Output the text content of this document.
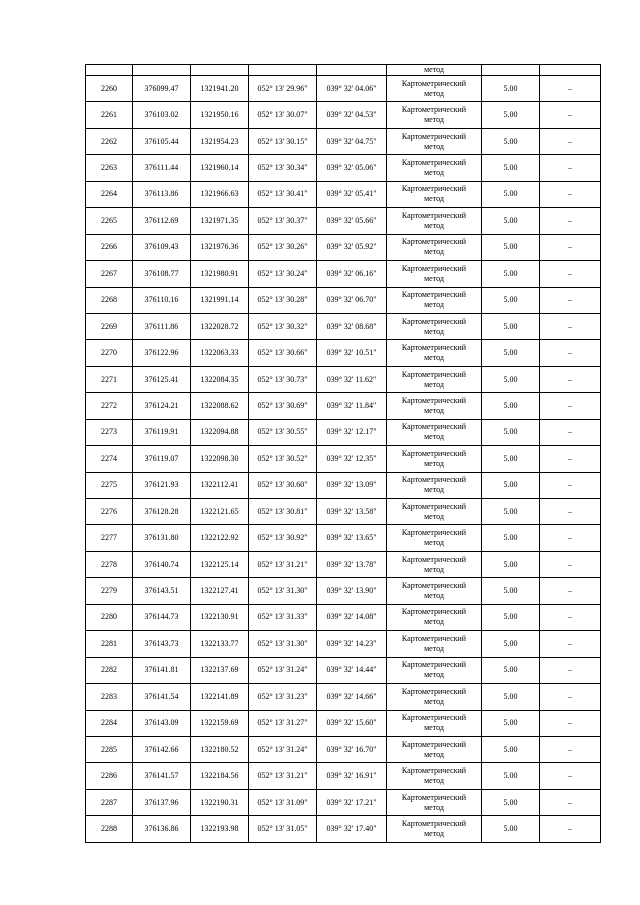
					метод		
2260	376099.47	1321941.20	052° 13' 29.96"	039° 32' 04.06"	Картометрический
метод	5.00	–
2261	376103.02	1321950.16	052° 13' 30.07"	039° 32' 04.53"	Картометрический
метод	5.00	–
2262	376105.44	1321954.23	052° 13' 30.15"	039° 32' 04.75"	Картометрический
метод	5.00	–
2263	376111.44	1321960.14	052° 13' 30.34"	039° 32' 05.06"	Картометрический
метод	5.00	–
2264	376113.86	1321966.63	052° 13' 30.41"	039° 32' 05.41"	Картометрический
метод	5.00	–
2265	376112.69	1321971.35	052° 13' 30.37"	039° 32' 05.66"	Картометрический
метод	5.00	–
2266	376109.43	1321976.36	052° 13' 30.26"	039° 32' 05.92"	Картометрический
метод	5.00	–
2267	376108.77	1321980.91	052° 13' 30.24"	039° 32' 06.16"	Картометрический
метод	5.00	–
2268	376110.16	1321991.14	052° 13' 30.28"	039° 32' 06.70"	Картометрический
метод	5.00	–
2269	376111.86	1322028.72	052° 13' 30.32"	039° 32' 08.68"	Картометрический
метод	5.00	–
2270	376122.96	1322063.33	052° 13' 30.66"	039° 32' 10.51"	Картометрический
метод	5.00	–
2271	376125.41	1322084.35	052° 13' 30.73"	039° 32' 11.62"	Картометрический
метод	5.00	–
2272	376124.21	1322088.62	052° 13' 30.69"	039° 32' 11.84"	Картометрический
метод	5.00	–
2273	376119.91	1322094.88	052° 13' 30.55"	039° 32' 12.17"	Картометрический
метод	5.00	–
2274	376119.07	1322098.30	052° 13' 30.52"	039° 32' 12.35"	Картометрический
метод	5.00	–
2275	376121.93	1322112.41	052° 13' 30.60"	039° 32' 13.09"	Картометрический
метод	5.00	–
2276	376128.28	1322121.65	052° 13' 30.81"	039° 32' 13.58"	Картометрический
метод	5.00	–
2277	376131.80	1322122.92	052° 13' 30.92"	039° 32' 13.65"	Картометрический
метод	5.00	–
2278	376140.74	1322125.14	052° 13' 31.21"	039° 32' 13.78"	Картометрический
метод	5.00	–
2279	376143.51	1322127.41	052° 13' 31.30"	039° 32' 13.90"	Картометрический
метод	5.00	–
2280	376144.73	1322130.91	052° 13' 31.33"	039° 32' 14.08"	Картометрический
метод	5.00	–
2281	376143.73	1322133.77	052° 13' 31.30"	039° 32' 14.23"	Картометрический
метод	5.00	–
2282	376141.81	1322137.69	052° 13' 31.24"	039° 32' 14.44"	Картометрический
метод	5.00	–
2283	376141.54	1322141.89	052° 13' 31.23"	039° 32' 14.66"	Картометрический
метод	5.00	–
2284	376143.09	1322159.69	052° 13' 31.27"	039° 32' 15.60"	Картометрический
метод	5.00	–
2285	376142.66	1322180.52	052° 13' 31.24"	039° 32' 16.70"	Картометрический
метод	5.00	–
2286	376141.57	1322184.56	052° 13' 31.21"	039° 32' 16.91"	Картометрический
метод	5.00	–
2287	376137.96	1322190.31	052° 13' 31.09"	039° 32' 17.21"	Картометрический
метод	5.00	–
2288	376136.86	1322193.98	052° 13' 31.05"	039° 32' 17.40"	Картометрический
метод	5.00	–
